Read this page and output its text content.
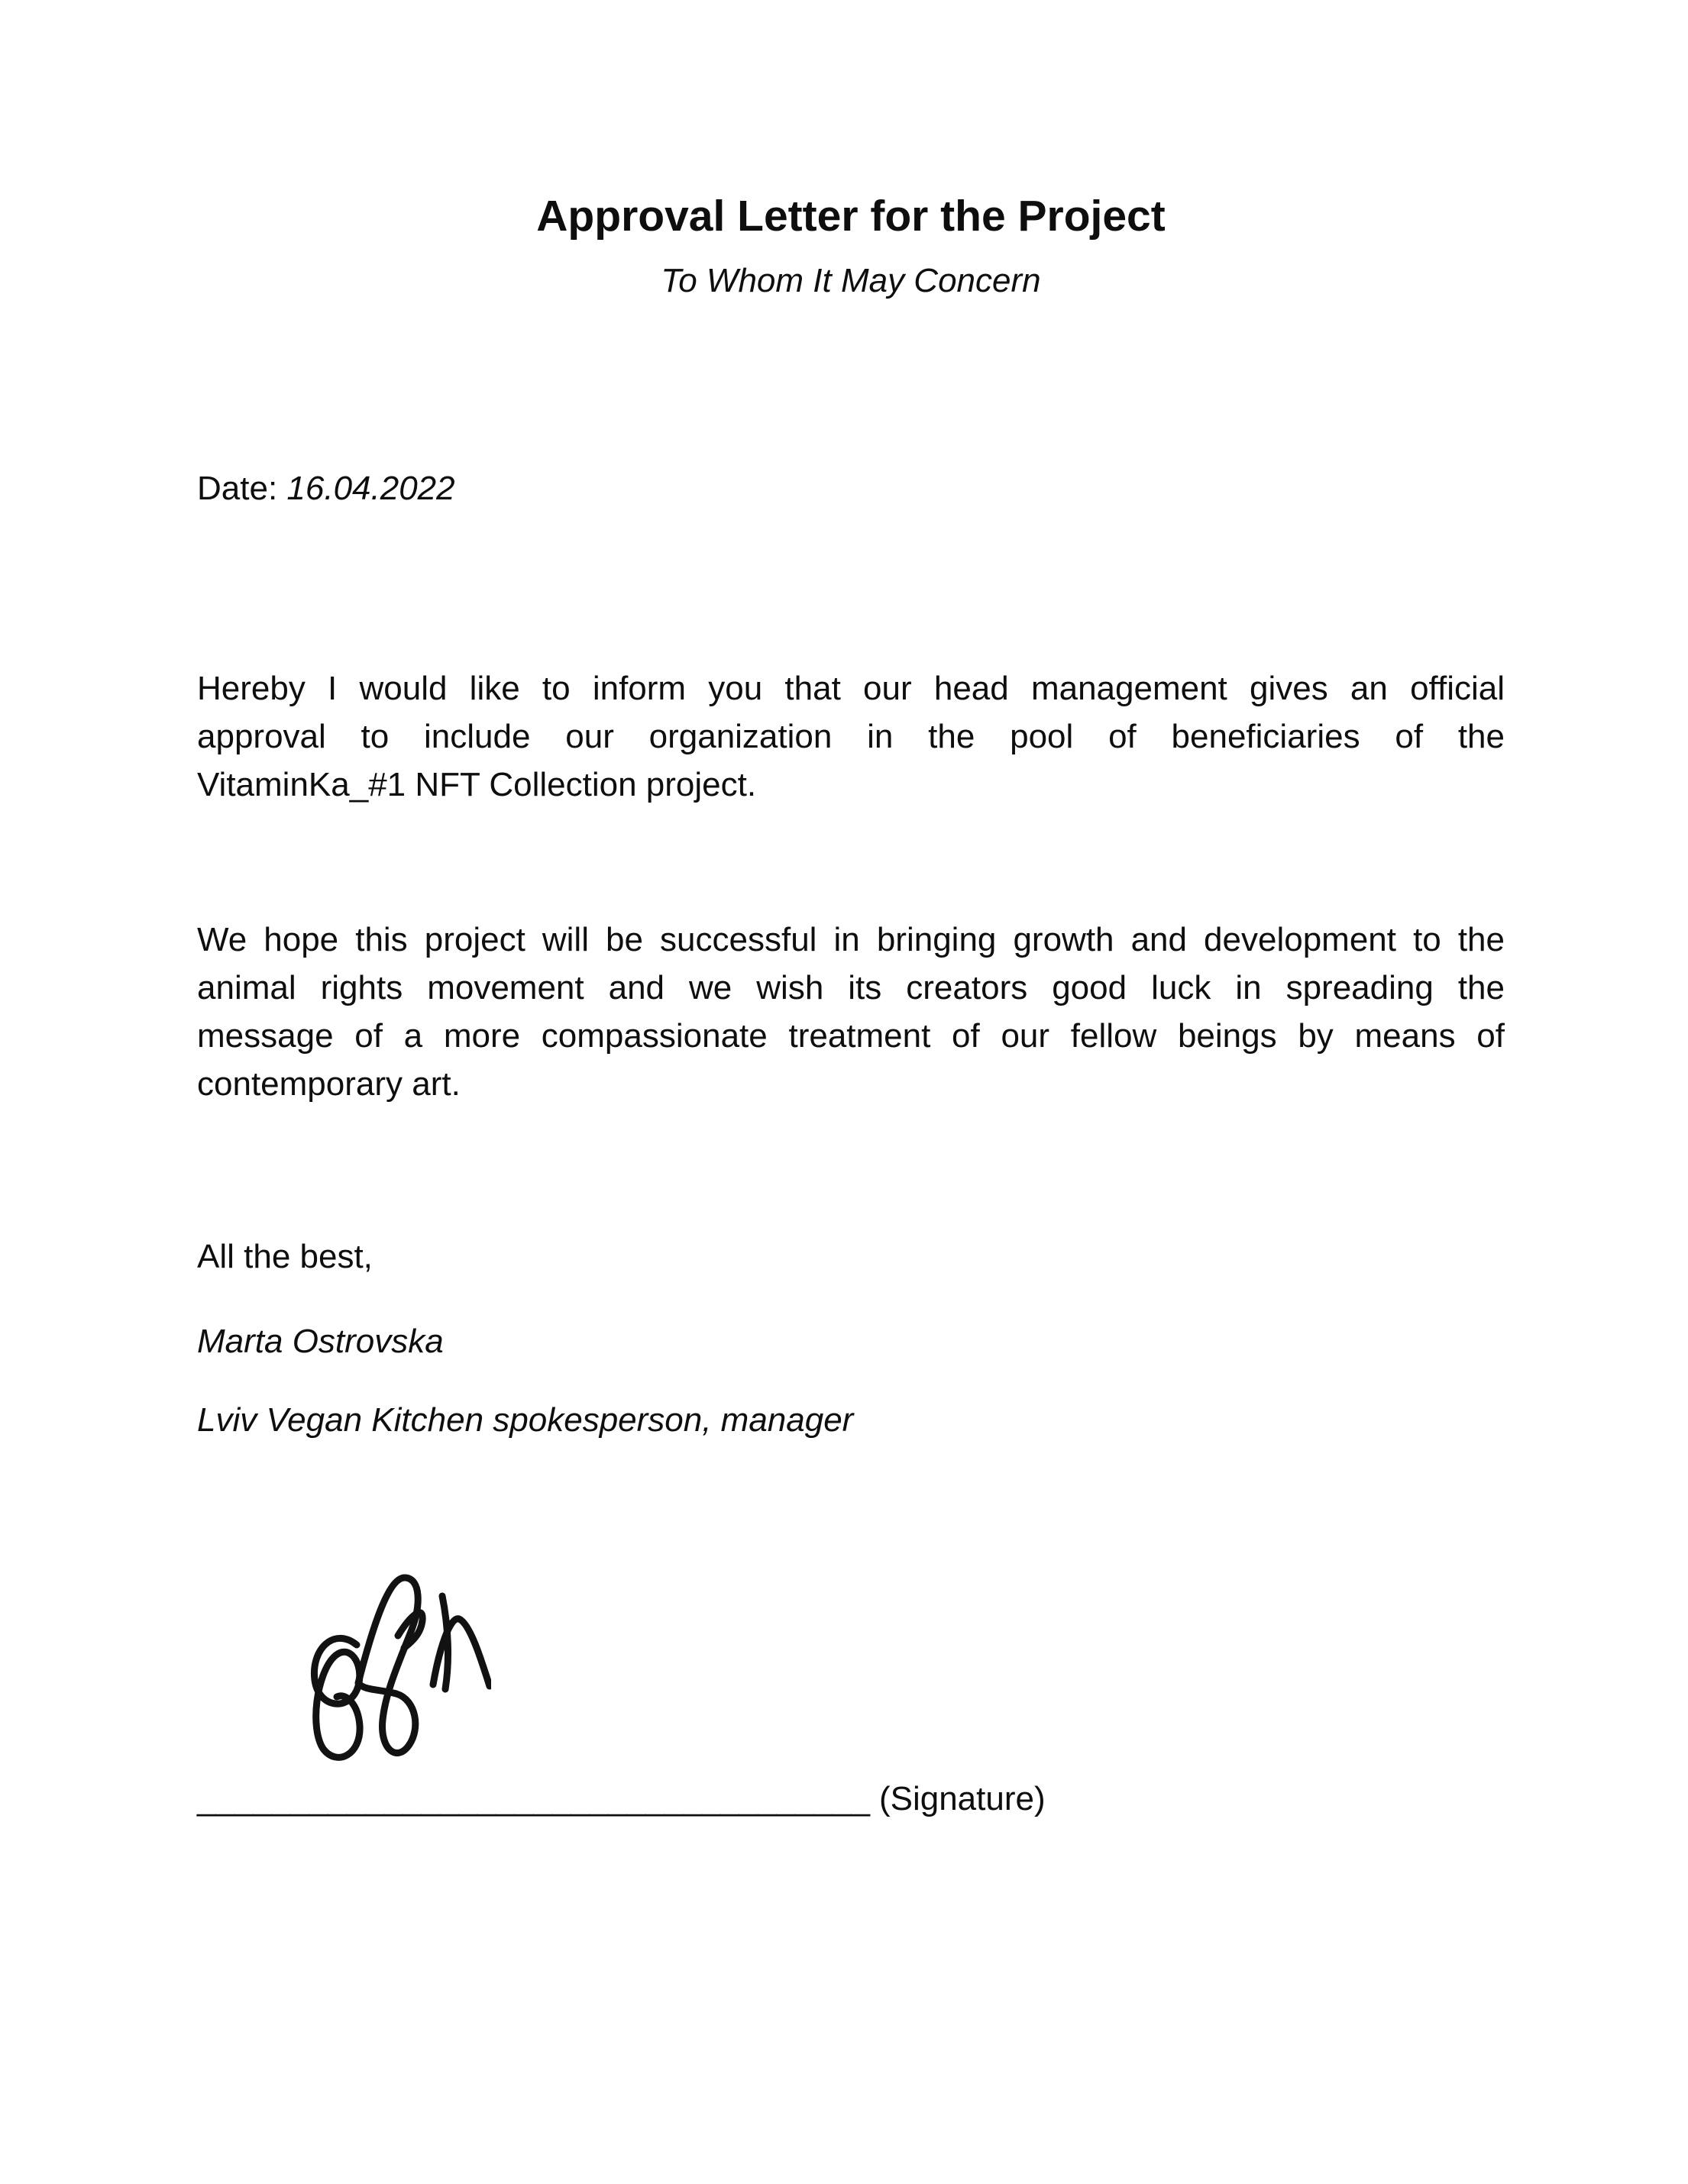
Approval Letter for the Project
To Whom It May Concern
Date: 16.04.2022
Hereby I would like to inform you that our head management gives an official
approval to include our organization in the pool of beneficiaries of the
VitaminKa_#1 NFT Collection project.
We hope this project will be successful in bringing growth and development to the
animal rights movement and we wish its creators good luck in spreading the
message of a more compassionate treatment of our fellow beings by means of
contemporary art.
All the best,
Marta Ostrovska
Lviv Vegan Kitchen spokesperson, manager
____________________________________ (Signature)
